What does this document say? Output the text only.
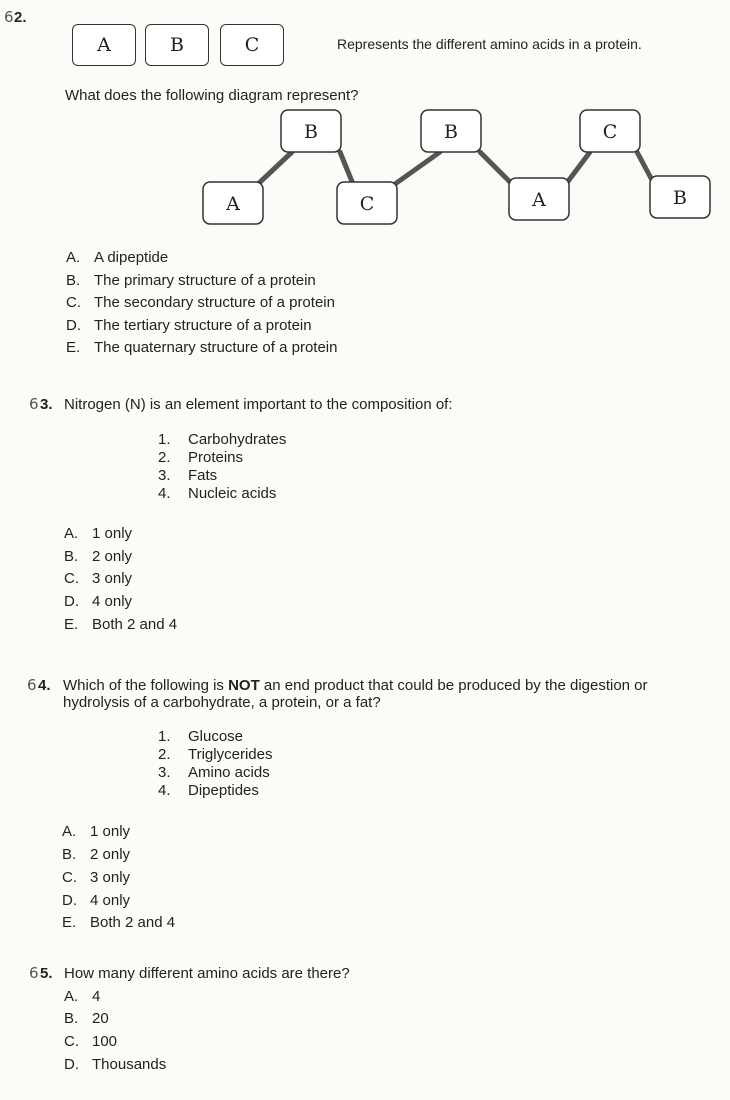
6 2.
A	B	C	Represents the different amino acids in a protein.
What does the following diagram represent?
A
B
C
B
A
C
B
A. A dipeptide
B. The primary structure of a protein
C. The secondary structure of a protein
D. The tertiary structure of a protein
E. The quaternary structure of a protein
6 3. Nitrogen (N) is an element important to the composition of:
1. Carbohydrates
2. Proteins
3. Fats
4. Nucleic acids
A. 1 only
B. 2 only
C. 3 only
D. 4 only
E. Both 2 and 4
6 4. Which of the following is NOT an end product that could be produced by the digestion or
hydrolysis of a carbohydrate, a protein, or a fat?
1. Glucose
2. Triglycerides
3. Amino acids
4. Dipeptides
A. 1 only
B. 2 only
C. 3 only
D. 4 only
E. Both 2 and 4
6 5. How many different amino acids are there?
A. 4
B. 20
C. 100
D. Thousands
